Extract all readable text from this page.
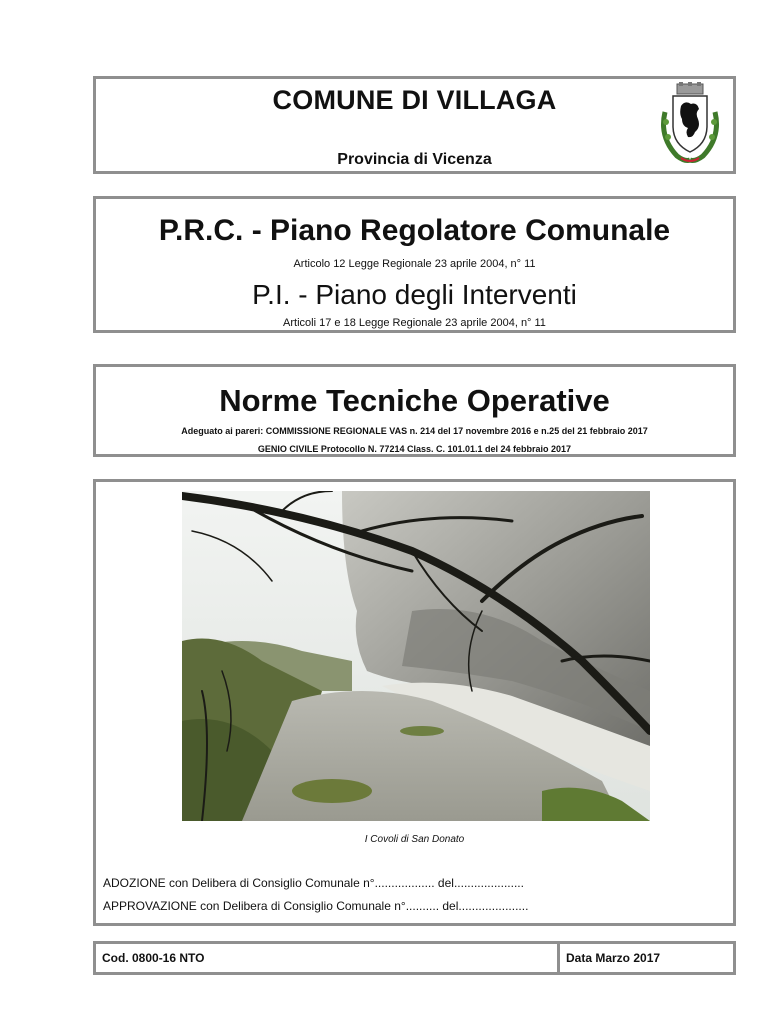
COMUNE DI VILLAGA
Provincia di Vicenza
P.R.C. - Piano Regolatore Comunale
Articolo 12 Legge Regionale 23 aprile 2004, n° 11
P.I. - Piano degli Interventi
Articoli 17 e 18 Legge Regionale 23 aprile 2004, n° 11
Norme Tecniche Operative
Adeguato ai pareri: COMMISSIONE REGIONALE VAS n. 214 del 17 novembre 2016 e n.25 del 21 febbraio 2017
GENIO CIVILE Protocollo N. 77214 Class. C. 101.01.1 del 24 febbraio 2017
I Covoli di San Donato
ADOZIONE con Delibera di Consiglio Comunale n°.................. del.....................
APPROVAZIONE con Delibera di Consiglio Comunale n°.......... del.....................
Cod. 0800-16 NTO	Data Marzo 2017
